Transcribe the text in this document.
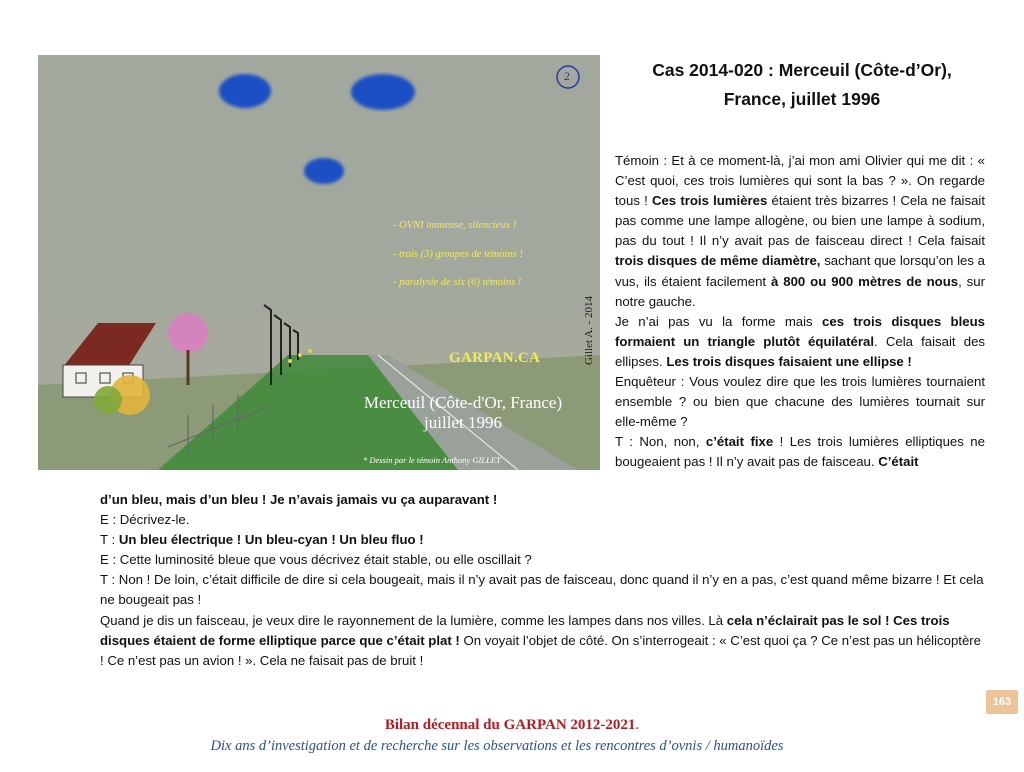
2
- OVNI immense, silencieux !
- trois (3) groupes de témoins !
- paralysie de six (6) témoins !
GARPAN.CA
Merceuil (Côte-d'Or, France)
juillet 1996
* Dessin par le témoin Anthony GILLET
Gillet A. - 2014
Cas 2014-020 : Merceuil (Côte-d’Or),
France, juillet 1996

Témoin : Et à ce moment-là, j’ai mon ami Olivier qui me dit : « C’est quoi, ces trois lumières qui sont la bas ? ». On regarde tous ! Ces trois lumières étaient très bizarres ! Cela ne faisait pas comme une lampe allogène, ou bien une lampe à sodium, pas du tout ! Il n’y avait pas de faisceau direct ! Cela faisait trois disques de même diamètre, sachant que lorsqu’on les a vus, ils étaient facilement à 800 ou 900 mètres de nous, sur notre gauche.

Je n’ai pas vu la forme mais ces trois disques bleus formaient un triangle plutôt équilatéral. Cela faisait des ellipses. Les trois disques faisaient une ellipse !

Enquêteur : Vous voulez dire que les trois lumières tournaient ensemble ? ou bien que chacune des lumières tournait sur elle-même ?

T : Non, non, c’était fixe ! Les trois lumières elliptiques ne bougeaient pas ! Il n’y avait pas de faisceau. C’était

d’un bleu, mais d’un bleu ! Je n’avais jamais vu ça auparavant !

E : Décrivez-le.

T : Un bleu électrique ! Un bleu-cyan ! Un bleu fluo !

E : Cette luminosité bleue que vous décrivez était stable, ou elle oscillait ?

T : Non ! De loin, c’était difficile de dire si cela bougeait, mais il n’y avait pas de faisceau, donc quand il n’y en a pas, c’est quand même bizarre ! Et cela ne bougeait pas !

Quand je dis un faisceau, je veux dire le rayonnement de la lumière, comme les lampes dans nos villes. Là cela n’éclairait pas le sol ! Ces trois disques étaient de forme elliptique parce que c’était plat ! On voyait l’objet de côté. On s’interrogeait : « C’est quoi ça ? Ce n’est pas un hélicoptère ! Ce n’est pas un avion ! ». Cela ne faisait pas de bruit !

163
Bilan décennal du GARPAN 2012-2021.
Dix ans d’investigation et de recherche sur les observations et les rencontres d’ovnis / humanoïdes
